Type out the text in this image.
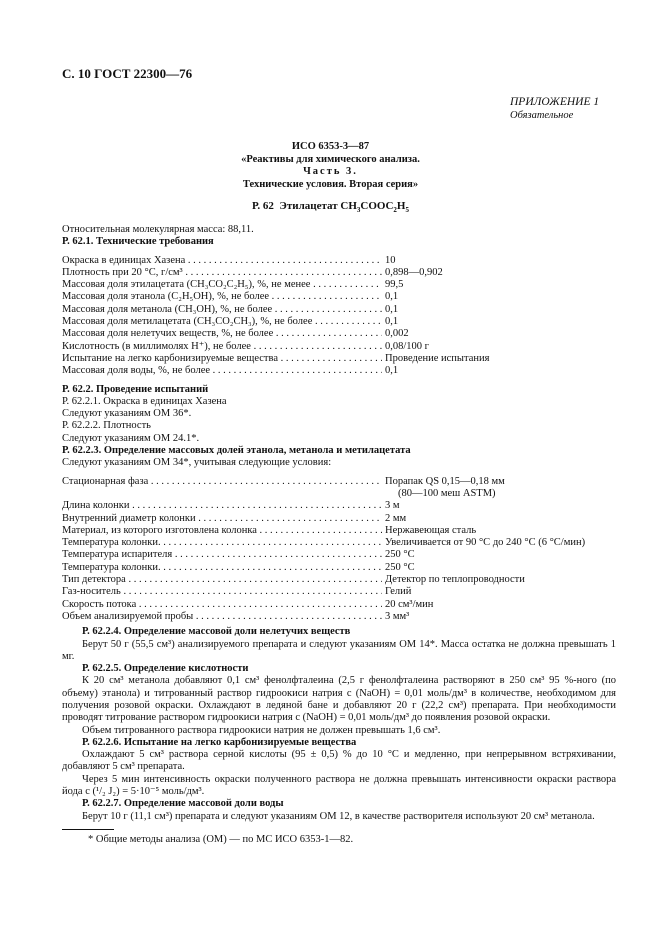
С. 10 ГОСТ 22300—76
ПРИЛОЖЕНИЕ 1
Обязательное
ИСО 6353-3—87
«Реактивы для химического анализа.
Часть 3.
Технические условия. Вторая серия»
Р. 62 Этилацетат $CH_3COOC_2H_5$
Относительная молекулярная масса: 88,11.
Р. 62.1. Технические требования
Окраска в единицах Хазена . . .	10
Плотность при 20 °С, г/см³ . . .	0,898—0,902
Массовая доля этилацетата (CH₃CO₂C₂H₅), %, не менее . . .	99,5
Массовая доля этанола (C₂H₅OH), %, не более . . .	0,1
Массовая доля метанола (CH₃OH), %, не более . . .	0,1
Массовая доля метилацетата (CH₃CO₂CH₃), %, не более . . .	0,1
Массовая доля нелетучих веществ, %, не более . . .	0,002
Кислотность (в миллимолях H⁺), не более . . .	0,08/100 г
Испытание на легко карбонизируемые вещества . . .	Проведение испытания
Массовая доля воды, %, не более . . .	0,1
Р. 62.2. Проведение испытаний
Р. 62.2.1. Окраска в единицах Хазена
Следуют указаниям ОМ 36*.
Р. 62.2.2. Плотность
Следуют указаниям ОМ 24.1*.
Р. 62.2.3. Определение массовых долей этанола, метанола и метилацетата
Следуют указаниям ОМ 34*, учитывая следующие условия:
Стационарная фаза . . .	Порапак QS 0,15—0,18 мм
(80—100 меш ASTM)
Длина колонки . . .	3 м
Внутренний диаметр колонки . . .	2 мм
Материал, из которого изготовлена колонка . . .	Нержавеющая сталь
Температура колонки. . . .	Увеличивается от 90 °С до 240 °С (6 °С/мин)
Температура испарителя . . .	250 °С
Температура колонки. . . .	250 °С
Тип детектора . . .	Детектор по теплопроводности
Газ-носитель . . .	Гелий
Скорость потока . . .	20 см³/мин
Объем анализируемой пробы . . .	3 мм³
Р. 62.2.4. Определение массовой доли нелетучих веществ
Берут 50 г (55,5 см³) анализируемого препарата и следуют указаниям ОМ 14*. Масса остатка не должна превышать 1 мг.
Р. 62.2.5. Определение кислотности
К 20 см³ метанола добавляют 0,1 см³ фенолфталеина (2,5 г фенолфталеина растворяют в 250 см³ 95 %-ного (по объему) этанола) и титрованный раствор гидроокиси натрия c (NaOH) = 0,01 моль/дм³ в количестве, необходимом для получения розовой окраски. Охлаждают в ледяной бане и добавляют 20 г (22,2 см³) препарата. При необходимости проводят титрование раствором гидроокиси натрия c (NaOH) = 0,01 моль/дм³ до появления розовой окраски.
Объем титрованного раствора гидроокиси натрия не должен превышать 1,6 см³.
Р. 62.2.6. Испытание на легко карбонизируемые вещества
Охлаждают 5 см³ раствора серной кислоты (95 ± 0,5) % до 10 °С и медленно, при непрерывном встряхивании, добавляют 5 см³ препарата.
Через 5 мин интенсивность окраски полученного раствора не должна превышать интенсивности окраски раствора йода c (¹/₂ J₂) = 5·10⁻⁵ моль/дм³.
Р. 62.2.7. Определение массовой доли воды
Берут 10 г (11,1 см³) препарата и следуют указаниям ОМ 12, в качестве растворителя используют 20 см³ метанола.
* Общие методы анализа (ОМ) — по МС ИСО 6353-1—82.
